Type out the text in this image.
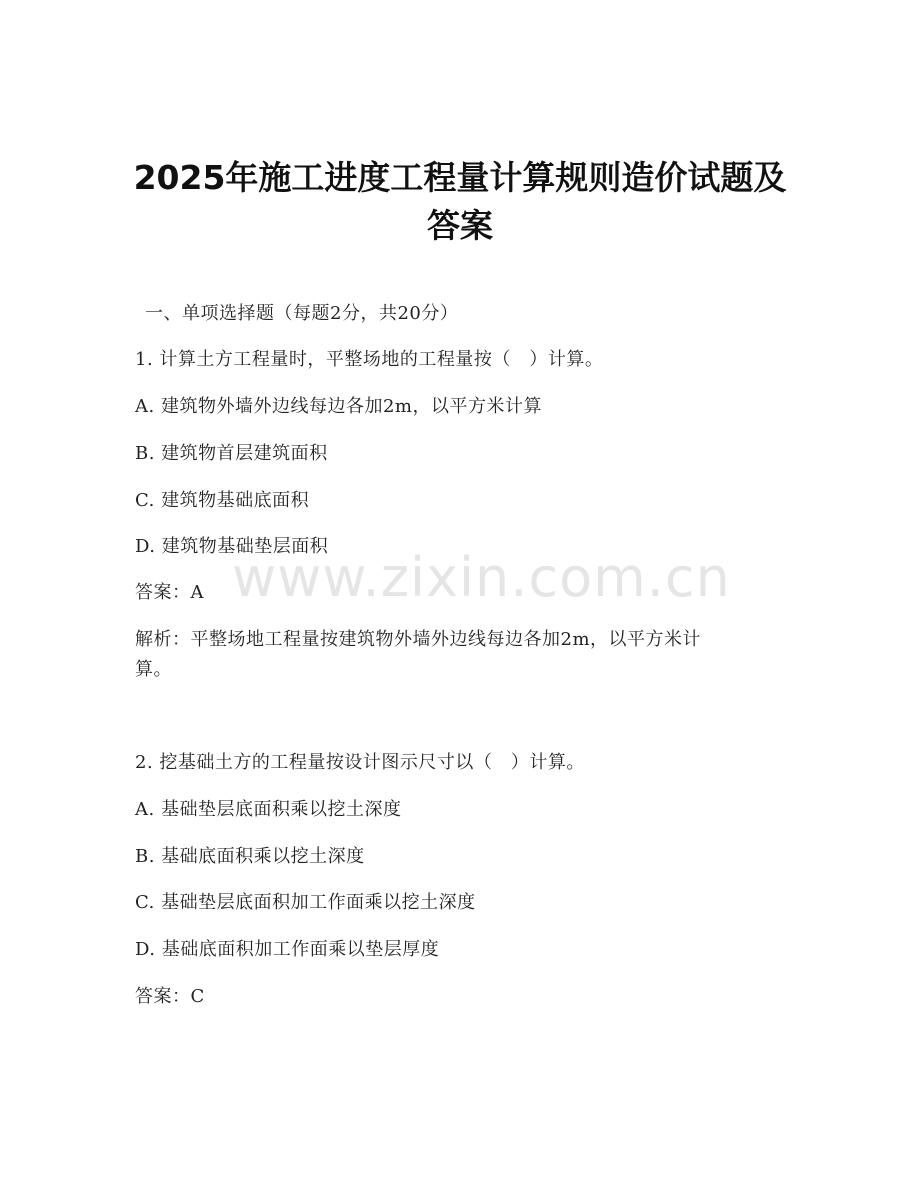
2025年施工进度工程量计算规则造价试题及
答案
一、单项选择题（每题2分，共20分）
1. 计算土方工程量时，平整场地的工程量按（　）计算。
A. 建筑物外墙外边线每边各加2m，以平方米计算
B. 建筑物首层建筑面积
C. 建筑物基础底面积
D. 建筑物基础垫层面积
答案：A
解析：平整场地工程量按建筑物外墙外边线每边各加2m，以平方米计
算。
2. 挖基础土方的工程量按设计图示尺寸以（　）计算。
A. 基础垫层底面积乘以挖土深度
B. 基础底面积乘以挖土深度
C. 基础垫层底面积加工作面乘以挖土深度
D. 基础底面积加工作面乘以垫层厚度
答案：C
www.zixin.com.cn
